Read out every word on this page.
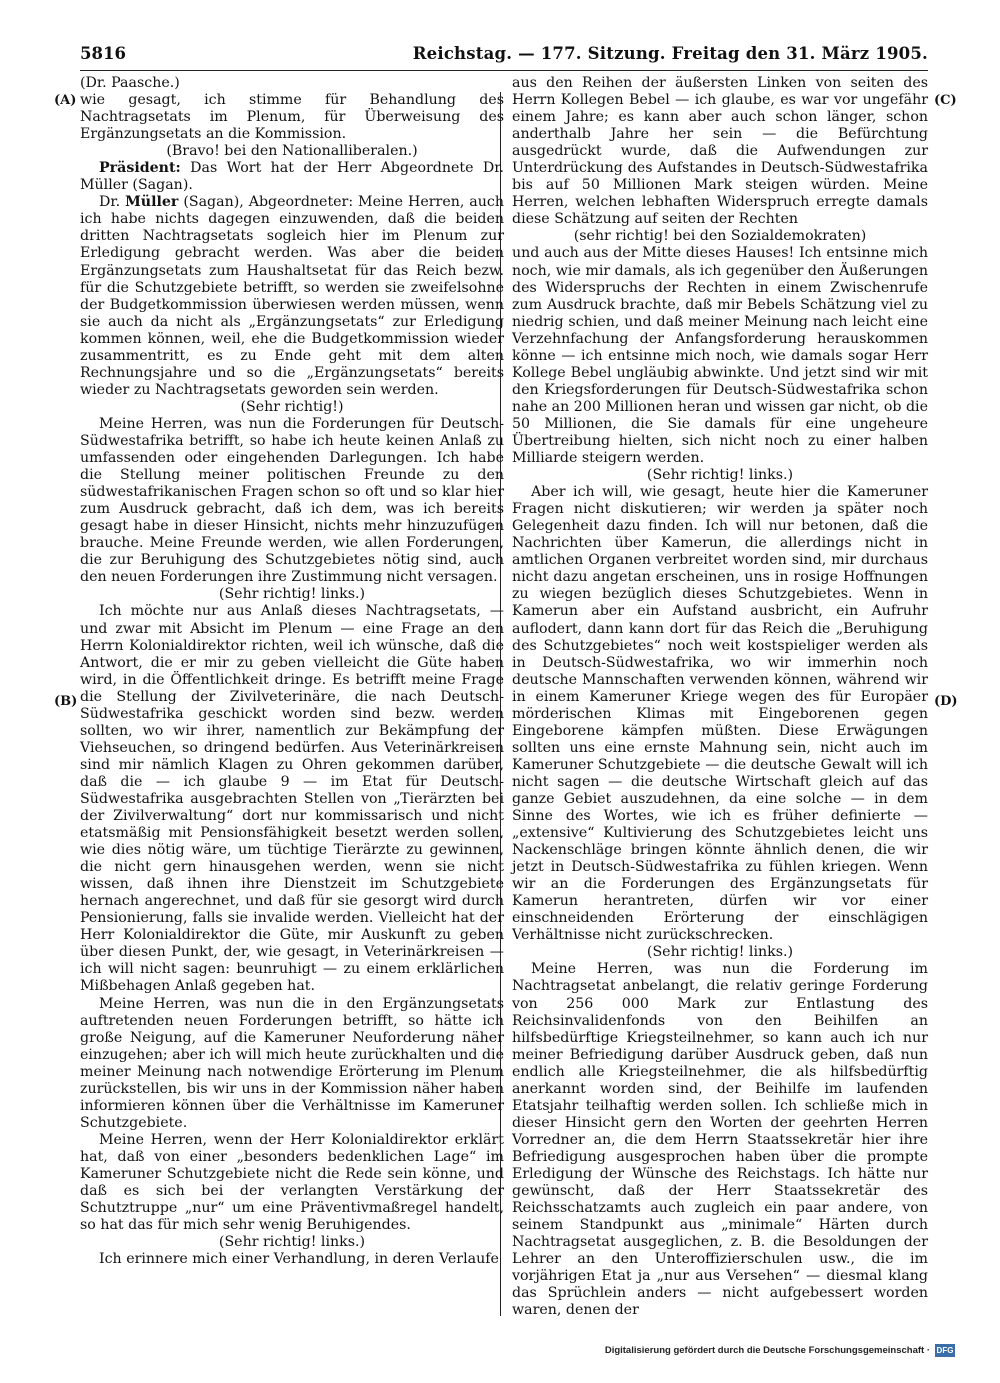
5816	Reichstag. — 177. Sitzung. Freitag den 31. März 1905.
(A)
(B)
(C)
(D)

(Dr. Paasche.)

wie gesagt, ich stimme für Behandlung des Nachtragsetats im Plenum, für Überweisung des Ergänzungsetats an die Kommission.

(Bravo! bei den Nationalliberalen.)

Präsident: Das Wort hat der Herr Abgeordnete Dr. Müller (Sagan).

Dr. Müller (Sagan), Abgeordneter: Meine Herren, auch ich habe nichts dagegen einzuwenden, daß die beiden dritten Nachtragsetats sogleich hier im Plenum zur Erledigung gebracht werden. Was aber die beiden Ergänzungsetats zum Haushaltsetat für das Reich bezw. für die Schutzgebiete betrifft, so werden sie zweifelsohne der Budgetkommission überwiesen werden müssen, wenn sie auch da nicht als „Ergänzungsetats“ zur Erledigung kommen können, weil, ehe die Budgetkommission wieder zusammentritt, es zu Ende geht mit dem alten Rechnungsjahre und so die „Ergänzungsetats“ bereits wieder zu Nachtragsetats geworden sein werden.

(Sehr richtig!)

Meine Herren, was nun die Forderungen für Deutsch-Südwestafrika betrifft, so habe ich heute keinen Anlaß zu umfassenden oder eingehenden Darlegungen. Ich habe die Stellung meiner politischen Freunde zu den südwestafrikanischen Fragen schon so oft und so klar hier zum Ausdruck gebracht, daß ich dem, was ich bereits gesagt habe in dieser Hinsicht, nichts mehr hinzuzufügen brauche. Meine Freunde werden, wie allen Forderungen, die zur Beruhigung des Schutzgebietes nötig sind, auch den neuen Forderungen ihre Zustimmung nicht versagen.

(Sehr richtig! links.)

Ich möchte nur aus Anlaß dieses Nachtragsetats, — und zwar mit Absicht im Plenum — eine Frage an den Herrn Kolonialdirektor richten, weil ich wünsche, daß die Antwort, die er mir zu geben vielleicht die Güte haben wird, in die Öffentlichkeit dringe. Es betrifft meine Frage die Stellung der Zivilveterinäre, die nach Deutsch-Südwestafrika geschickt worden sind bezw. werden sollten, wo wir ihrer, namentlich zur Bekämpfung der Viehseuchen, so dringend bedürfen. Aus Veterinärkreisen sind mir nämlich Klagen zu Ohren gekommen darüber, daß die — ich glaube 9 — im Etat für Deutsch-Südwestafrika ausgebrachten Stellen von „Tierärzten bei der Zivilverwaltung“ dort nur kommissarisch und nicht etatsmäßig mit Pensionsfähigkeit besetzt werden sollen, wie dies nötig wäre, um tüchtige Tierärzte zu gewinnen, die nicht gern hinausgehen werden, wenn sie nicht wissen, daß ihnen ihre Dienstzeit im Schutzgebiete hernach angerechnet, und daß für sie gesorgt wird durch Pensionierung, falls sie invalide werden. Vielleicht hat der Herr Kolonialdirektor die Güte, mir Auskunft zu geben über diesen Punkt, der, wie gesagt, in Veterinärkreisen — ich will nicht sagen: beunruhigt — zu einem erklärlichen Mißbehagen Anlaß gegeben hat.

Meine Herren, was nun die in den Ergänzungsetats auftretenden neuen Forderungen betrifft, so hätte ich große Neigung, auf die Kameruner Neuforderung näher einzugehen; aber ich will mich heute zurückhalten und die meiner Meinung nach notwendige Erörterung im Plenum zurückstellen, bis wir uns in der Kommission näher haben informieren können über die Verhältnisse im Kameruner Schutzgebiete.

Meine Herren, wenn der Herr Kolonialdirektor erklärt hat, daß von einer „besonders bedenklichen Lage“ im Kameruner Schutzgebiete nicht die Rede sein könne, und daß es sich bei der verlangten Verstärkung der Schutztruppe „nur“ um eine Präventivmaßregel handelt, so hat das für mich sehr wenig Beruhigendes.

(Sehr richtig! links.)

Ich erinnere mich einer Verhandlung, in deren Verlaufe

aus den Reihen der äußersten Linken von seiten des Herrn Kollegen Bebel — ich glaube, es war vor ungefähr einem Jahre; es kann aber auch schon länger, schon anderthalb Jahre her sein — die Befürchtung ausgedrückt wurde, daß die Aufwendungen zur Unterdrückung des Aufstandes in Deutsch-Südwestafrika bis auf 50 Millionen Mark steigen würden. Meine Herren, welchen lebhaften Widerspruch erregte damals diese Schätzung auf seiten der Rechten

(sehr richtig! bei den Sozialdemokraten)

und auch aus der Mitte dieses Hauses! Ich entsinne mich noch, wie mir damals, als ich gegenüber den Äußerungen des Widerspruchs der Rechten in einem Zwischenrufe zum Ausdruck brachte, daß mir Bebels Schätzung viel zu niedrig schien, und daß meiner Meinung nach leicht eine Verzehnfachung der Anfangsforderung herauskommen könne — ich entsinne mich noch, wie damals sogar Herr Kollege Bebel ungläubig abwinkte. Und jetzt sind wir mit den Kriegsforderungen für Deutsch-Südwestafrika schon nahe an 200 Millionen heran und wissen gar nicht, ob die 50 Millionen, die Sie damals für eine ungeheure Übertreibung hielten, sich nicht noch zu einer halben Milliarde steigern werden.

(Sehr richtig! links.)

Aber ich will, wie gesagt, heute hier die Kameruner Fragen nicht diskutieren; wir werden ja später noch Gelegenheit dazu finden. Ich will nur betonen, daß die Nachrichten über Kamerun, die allerdings nicht in amtlichen Organen verbreitet worden sind, mir durchaus nicht dazu angetan erscheinen, uns in rosige Hoffnungen zu wiegen bezüglich dieses Schutzgebietes. Wenn in Kamerun aber ein Aufstand ausbricht, ein Aufruhr auflodert, dann kann dort für das Reich die „Beruhigung des Schutzgebietes“ noch weit kostspieliger werden als in Deutsch-Südwestafrika, wo wir immerhin noch deutsche Mannschaften verwenden können, während wir in einem Kameruner Kriege wegen des für Europäer mörderischen Klimas mit Eingeborenen gegen Eingeborene kämpfen müßten. Diese Erwägungen sollten uns eine ernste Mahnung sein, nicht auch im Kameruner Schutzgebiete — die deutsche Gewalt will ich nicht sagen — die deutsche Wirtschaft gleich auf das ganze Gebiet auszudehnen, da eine solche — in dem Sinne des Wortes, wie ich es früher definierte — „extensive“ Kultivierung des Schutzgebietes leicht uns Nackenschläge bringen könnte ähnlich denen, die wir jetzt in Deutsch-Südwestafrika zu fühlen kriegen. Wenn wir an die Forderungen des Ergänzungsetats für Kamerun herantreten, dürfen wir vor einer einschneidenden Erörterung der einschlägigen Verhältnisse nicht zurückschrecken.

(Sehr richtig! links.)

Meine Herren, was nun die Forderung im Nachtragsetat anbelangt, die relativ geringe Forderung von 256 000 Mark zur Entlastung des Reichsinvalidenfonds von den Beihilfen an hilfsbedürftige Kriegsteilnehmer, so kann auch ich nur meiner Befriedigung darüber Ausdruck geben, daß nun endlich alle Kriegsteilnehmer, die als hilfsbedürftig anerkannt worden sind, der Beihilfe im laufenden Etatsjahr teilhaftig werden sollen. Ich schließe mich in dieser Hinsicht gern den Worten der geehrten Herren Vorredner an, die dem Herrn Staatssekretär hier ihre Befriedigung ausgesprochen haben über die prompte Erledigung der Wünsche des Reichstags. Ich hätte nur gewünscht, daß der Herr Staatssekretär des Reichsschatzamts auch zugleich ein paar andere, von seinem Standpunkt aus „minimale“ Härten durch Nachtragsetat ausgeglichen, z. B. die Besoldungen der Lehrer an den Unteroffizierschulen usw., die im vorjährigen Etat ja „nur aus Versehen“ — diesmal klang das Sprüchlein anders — nicht aufgebessert worden waren, denen der

Digitalisierung gefördert durch die Deutsche Forschungsgemeinschaft · DFG
